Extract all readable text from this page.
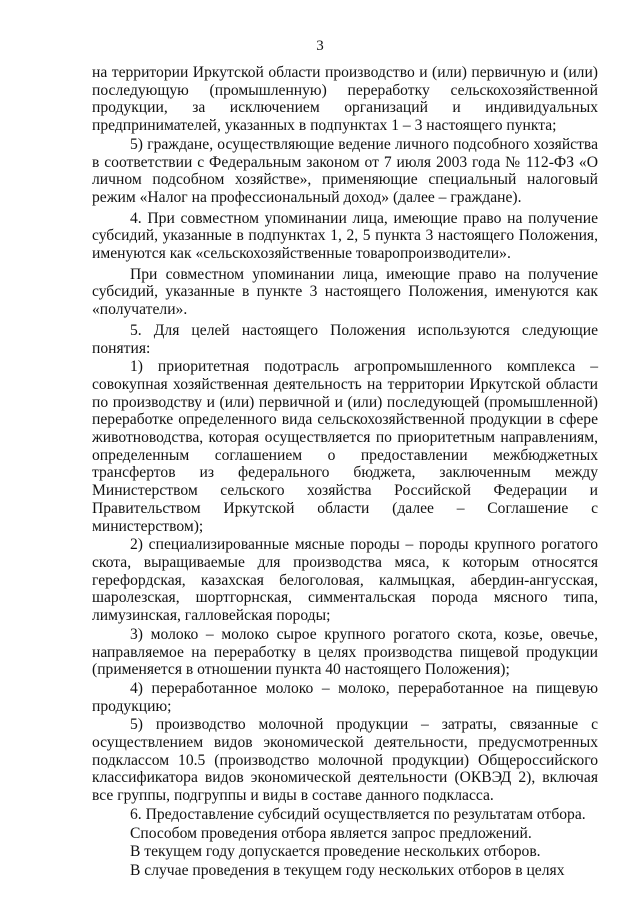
3

на территории Иркутской области производство и (или) первичную и (или) последующую (промышленную) переработку сельскохозяйственной продукции, за исключением организаций и индивидуальных предпринимателей, указанных в подпунктах 1 – 3 настоящего пункта;

5) граждане, осуществляющие ведение личного подсобного хозяйства в соответствии с Федеральным законом от 7 июля 2003 года № 112-ФЗ «О личном подсобном хозяйстве», применяющие специальный налоговый режим «Налог на профессиональный доход» (далее – граждане).

4. При совместном упоминании лица, имеющие право на получение субсидий, указанные в подпунктах 1, 2, 5 пункта 3 настоящего Положения, именуются как «сельскохозяйственные товаропроизводители».

При совместном упоминании лица, имеющие право на получение субсидий, указанные в пункте 3 настоящего Положения, именуются как «получатели».

5. Для целей настоящего Положения используются следующие понятия:

1) приоритетная подотрасль агропромышленного комплекса – совокупная хозяйственная деятельность на территории Иркутской области по производству и (или) первичной и (или) последующей (промышленной) переработке определенного вида сельскохозяйственной продукции в сфере животноводства, которая осуществляется по приоритетным направлениям, определенным соглашением о предоставлении межбюджетных трансфертов из федерального бюджета, заключенным между Министерством сельского хозяйства Российской Федерации и Правительством Иркутской области (далее – Соглашение с министерством);

2) специализированные мясные породы – породы крупного рогатого скота, выращиваемые для производства мяса, к которым относятся герефордская, казахская белоголовая, калмыцкая, абердин-ангусская, шаролезская, шортгорнская, симментальская порода мясного типа, лимузинская, галловейская породы;

3) молоко – молоко сырое крупного рогатого скота, козье, овечье, направляемое на переработку в целях производства пищевой продукции (применяется в отношении пункта 40 настоящего Положения);

4) переработанное молоко – молоко, переработанное на пищевую продукцию;

5) производство молочной продукции – затраты, связанные с осуществлением видов экономической деятельности, предусмотренных подклассом 10.5 (производство молочной продукции) Общероссийского классификатора видов экономической деятельности (ОКВЭД 2), включая все группы, подгруппы и виды в составе данного подкласса.

6. Предоставление субсидий осуществляется по результатам отбора.

Способом проведения отбора является запрос предложений.

В текущем году допускается проведение нескольких отборов.

В случае проведения в текущем году нескольких отборов в целях
